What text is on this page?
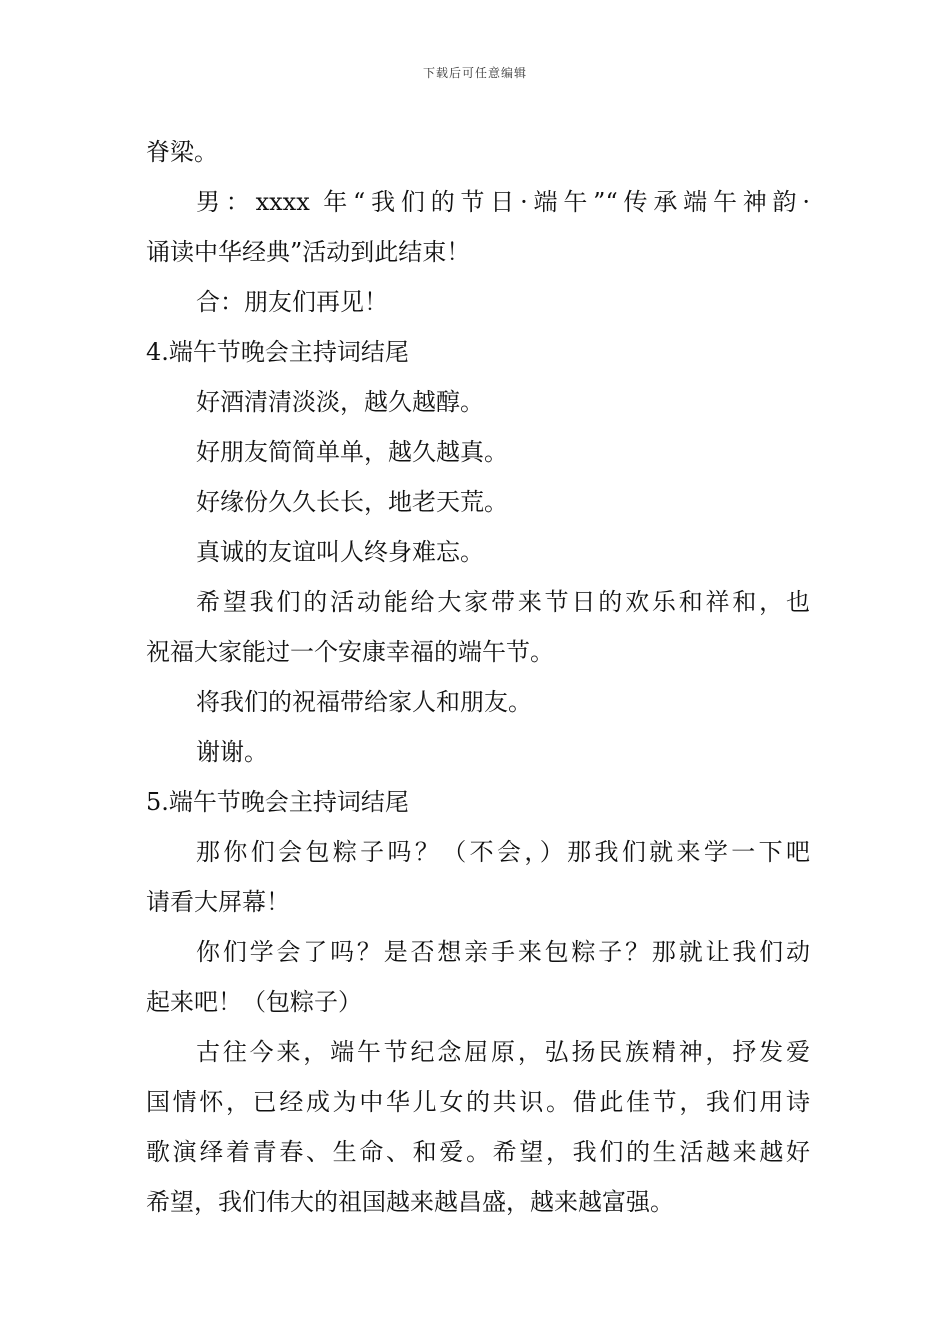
下载后可任意编辑
脊梁。
男：xxxx 年“我们的节日·端午”“传承端午神韵·
诵读中华经典”活动到此结束！
合：朋友们再见！
4.端午节晚会主持词结尾
好酒清清淡淡，越久越醇。
好朋友简简单单，越久越真。
好缘份久久长长，地老天荒。
真诚的友谊叫人终身难忘。
希望我们的活动能给大家带来节日的欢乐和祥和，也
祝福大家能过一个安康幸福的端午节。
将我们的祝福带给家人和朋友。
谢谢。
5.端午节晚会主持词结尾
那你们会包粽子吗？（不会，）那我们就来学一下吧
请看大屏幕！
你们学会了吗？是否想亲手来包粽子？那就让我们动
起来吧！（包粽子）
古往今来，端午节纪念屈原，弘扬民族精神，抒发爱
国情怀，已经成为中华儿女的共识。借此佳节，我们用诗
歌演绎着青春、生命、和爱。希望，我们的生活越来越好
希望，我们伟大的祖国越来越昌盛，越来越富强。
